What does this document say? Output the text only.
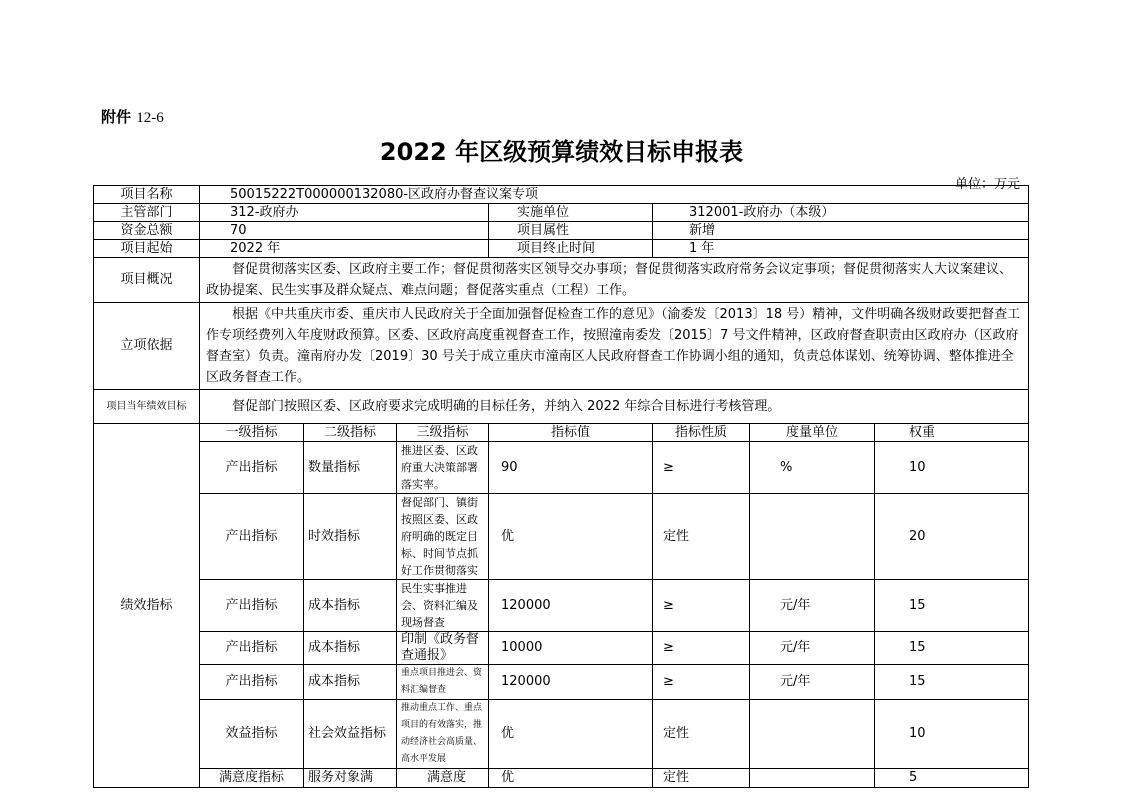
附件 12-6
2022 年区级预算绩效目标申报表
单位：万元
项目名称	50015222T000000132080-区政府办督查议案专项						
主管部门	312-政府办			实施单位	312001-政府办（本级）		
资金总额	70			项目属性	新增		
项目起始	2022 年			项目终止时间	1 年		
项目概况	督促贯彻落实区委、区政府主要工作；督促贯彻落实区领导交办事项；督促贯彻落实政府常务会议定事项；督促贯彻落实人大议案建议、政协提案、民生实事及群众疑点、难点问题；督促落实重点（工程）工作。						
立项依据	根据《中共重庆市委、重庆市人民政府关于全面加强督促检查工作的意见》（渝委发〔2013〕18 号）精神，文件明确各级财政要把督查工作专项经费列入年度财政预算。区委、区政府高度重视督查工作，按照潼南委发〔2015〕7 号文件精神，区政府督查职责由区政府办（区政府督查室）负责。潼南府办发〔2019〕30 号关于成立重庆市潼南区人民政府督查工作协调小组的通知，负责总体谋划、统筹协调、整体推进全区政务督查工作。						
项目当年绩效目标	督促部门按照区委、区政府要求完成明确的目标任务，并纳入 2022 年综合目标进行考核管理。						
绩效指标	一级指标	二级指标	三级指标	指标值	指标性质	度量单位	权重
	产出指标	数量指标	推进区委、区政府重大决策部署落实率。	90	≥	%	10
	产出指标	时效指标	督促部门、镇街按照区委、区政府明确的既定目标、时间节点抓好工作贯彻落实	优	定性		20
	产出指标	成本指标	民生实事推进会、资料汇编及现场督查	120000	≥	元/年	15
	产出指标	成本指标	印制《政务督查通报》	10000	≥	元/年	15
	产出指标	成本指标	重点项目推进会、资料汇编督查	120000	≥	元/年	15
	效益指标	社会效益指标	推动重点工作、重点项目的有效落实，推动经济社会高质量、高水平发展	优	定性		10
	满意度指标	服务对象满	满意度	优	定性		5
